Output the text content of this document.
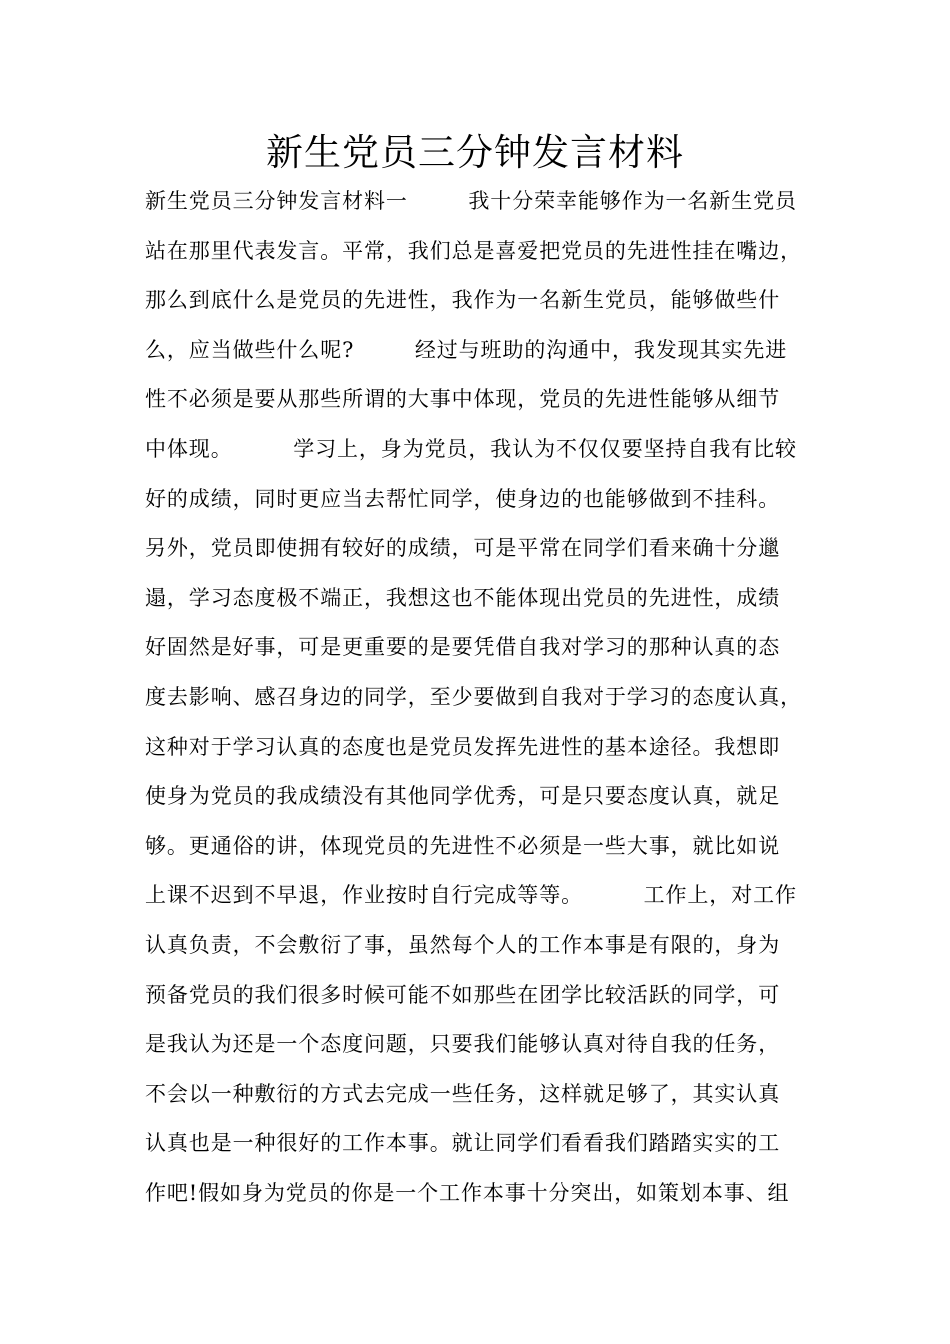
新生党员三分钟发言材料
新生党员三分钟发言材料一        我十分荣幸能够作为一名新生党员
站在那里代表发言。平常，我们总是喜爱把党员的先进性挂在嘴边，
那么到底什么是党员的先进性，我作为一名新生党员，能够做些什
么，应当做些什么呢?        经过与班助的沟通中，我发现其实先进
性不必须是要从那些所谓的大事中体现，党员的先进性能够从细节
中体现。        学习上，身为党员，我认为不仅仅要坚持自我有比较
好的成绩，同时更应当去帮忙同学，使身边的也能够做到不挂科。
另外，党员即使拥有较好的成绩，可是平常在同学们看来确十分邋
遢，学习态度极不端正，我想这也不能体现出党员的先进性，成绩
好固然是好事，可是更重要的是要凭借自我对学习的那种认真的态
度去影响、感召身边的同学，至少要做到自我对于学习的态度认真，
这种对于学习认真的态度也是党员发挥先进性的基本途径。我想即
使身为党员的我成绩没有其他同学优秀，可是只要态度认真，就足
够。更通俗的讲，体现党员的先进性不必须是一些大事，就比如说
上课不迟到不早退，作业按时自行完成等等。        工作上，对工作
认真负责，不会敷衍了事，虽然每个人的工作本事是有限的，身为
预备党员的我们很多时候可能不如那些在团学比较活跃的同学，可
是我认为还是一个态度问题，只要我们能够认真对待自我的任务，
不会以一种敷衍的方式去完成一些任务，这样就足够了，其实认真
认真也是一种很好的工作本事。就让同学们看看我们踏踏实实的工
作吧!假如身为党员的你是一个工作本事十分突出，如策划本事、组
